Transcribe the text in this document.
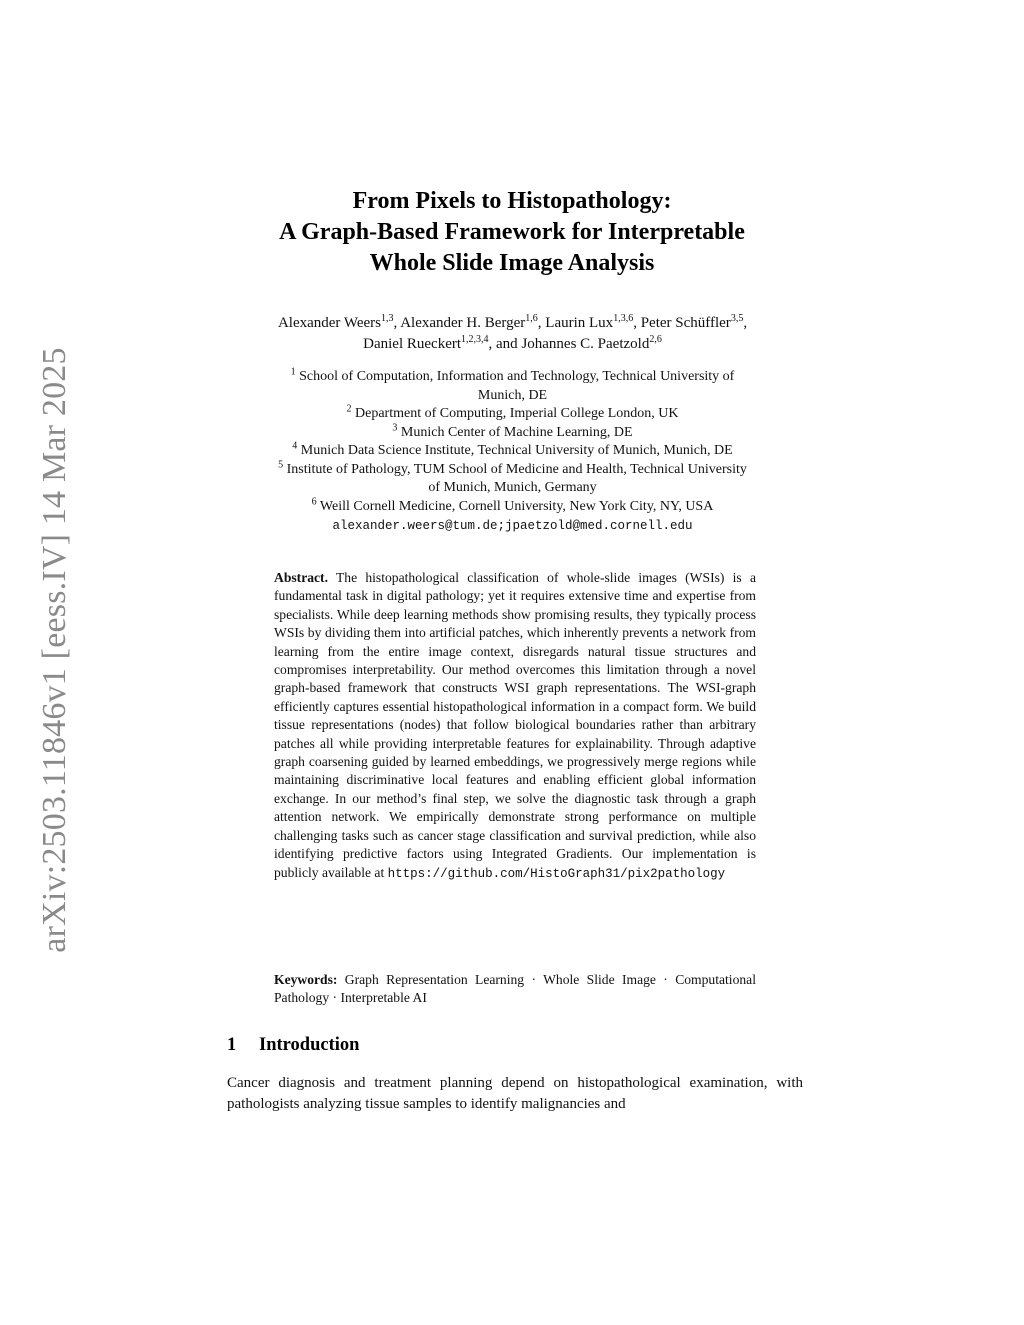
arXiv:2503.11846v1 [eess.IV] 14 Mar 2025
From Pixels to Histopathology:
A Graph-Based Framework for Interpretable
Whole Slide Image Analysis
Alexander Weers$^{1,3}$, Alexander H. Berger$^{1,6}$, Laurin Lux$^{1,3,6}$, Peter Schüffler$^{3,5}$,
Daniel Rueckert$^{1,2,3,4}$, and Johannes C. Paetzold$^{2,6}$
$^1$ School of Computation, Information and Technology, Technical University of
Munich, DE
$^2$ Department of Computing, Imperial College London, UK
$^3$ Munich Center of Machine Learning, DE
$^4$ Munich Data Science Institute, Technical University of Munich, Munich, DE
$^5$ Institute of Pathology, TUM School of Medicine and Health, Technical University
of Munich, Munich, Germany
$^6$ Weill Cornell Medicine, Cornell University, New York City, NY, USA
alexander.weers@tum.de;jpaetzold@med.cornell.edu
Abstract. The histopathological classification of whole-slide images (WSIs) is a fundamental task in digital pathology; yet it requires extensive time and expertise from specialists. While deep learning methods show promising results, they typically process WSIs by dividing them into artificial patches, which inherently prevents a network from learning from the entire image context, disregards natural tissue structures and compromises interpretability. Our method overcomes this limitation through a novel graph-based framework that constructs WSI graph representations. The WSI-graph efficiently captures essential histopathological information in a compact form. We build tissue representations (nodes) that follow biological boundaries rather than arbitrary patches all while providing interpretable features for explainability. Through adaptive graph coarsening guided by learned embeddings, we progressively merge regions while maintaining discriminative local features and enabling efficient global information exchange. In our method’s final step, we solve the diagnostic task through a graph attention network. We empirically demonstrate strong performance on multiple challenging tasks such as cancer stage classification and survival prediction, while also identifying predictive factors using Integrated Gradients. Our implementation is publicly available at https://github.com/HistoGraph31/pix2pathology
Keywords: Graph Representation Learning · Whole Slide Image · Computational Pathology · Interpretable AI
1 Introduction
Cancer diagnosis and treatment planning depend on histopathological examination, with pathologists analyzing tissue samples to identify malignancies and
